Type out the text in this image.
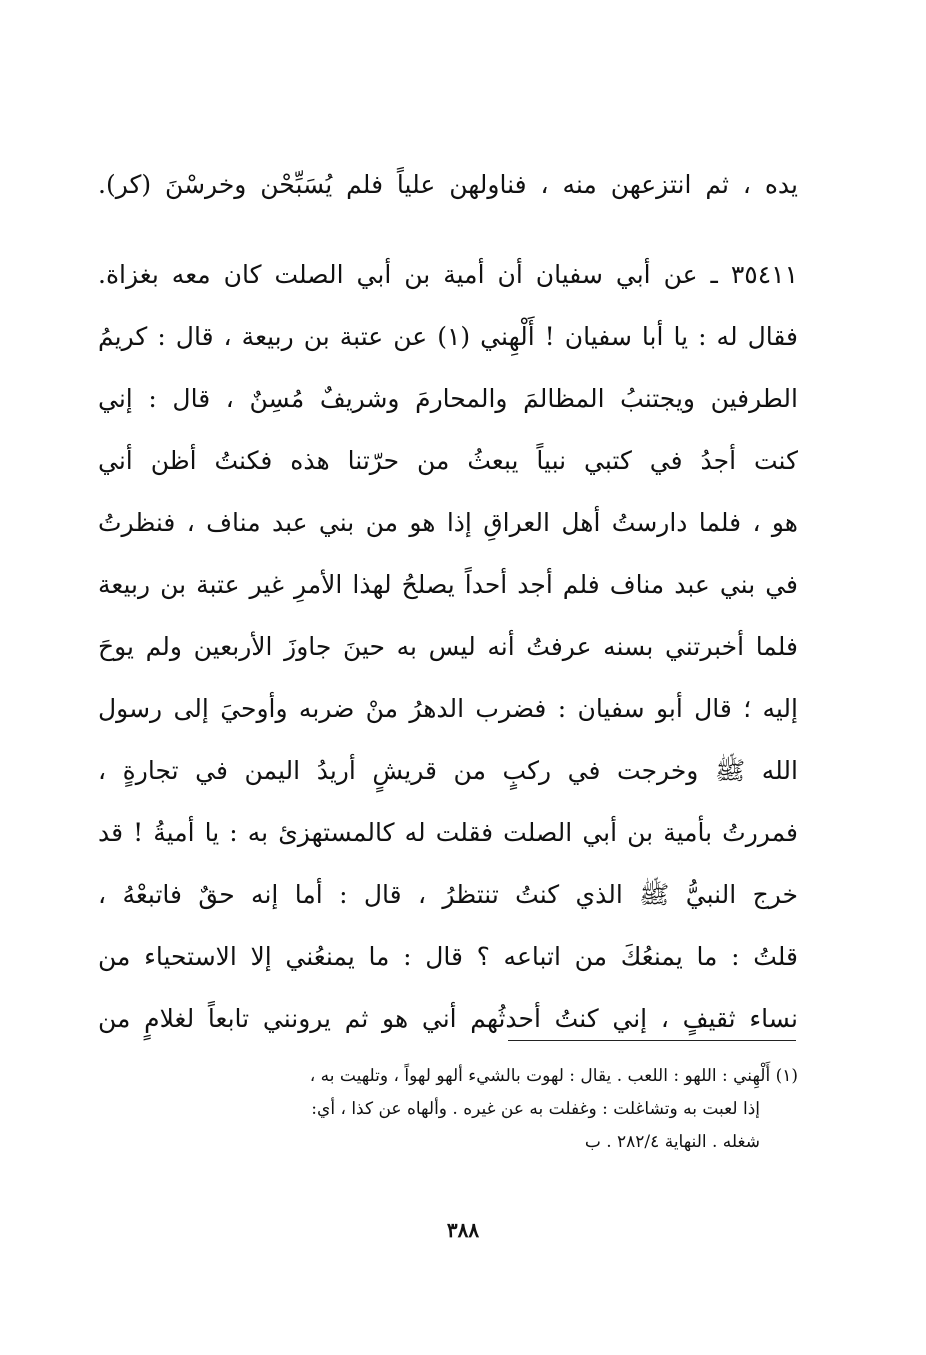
يده ، ثم انتزعهن منه ، فناولهن علياً فلم يُسَبِّحْن وخرسْنَ (كر).
٣٥٤١١ ـ عن أبي سفيان أن أمية بن أبي الصلت كان معه بغزاة.
فقال له : يا أبا سفيان ! أَلْهِني (١) عن عتبة بن ربيعة ، قال : كريمُ
الطرفين ويجتنبُ المظالمَ والمحارمَ وشريفٌ مُسِنٌ ، قال : إني
كنت أجدُ في كتبي نبياً يبعثُ من حرّتنا هذه فكنتُ أظن أني
هو ، فلما دارستُ أهل العراقِ إذا هو من بني عبد مناف ، فنظرتُ
في بني عبد مناف فلم أجد أحداً يصلحُ لهذا الأمرِ غير عتبة بن ربيعة
فلما أخبرتني بسنه عرفتُ أنه ليس به حينَ جاوزَ الأربعين ولم يوحَ
إليه ؛ قال أبو سفيان : فضرب الدهرُ منْ ضربه وأوحيَ إلى رسول
الله ﷺ وخرجت في ركبٍ من قريشٍ أريدُ اليمن في تجارةٍ ،
فمررتُ بأمية بن أبي الصلت فقلت له كالمستهزئ به : يا أميةُ ! قد
خرج النبيُّ ﷺ الذي كنتُ تنتظرُ ، قال : أما إنه حقٌ فاتبعْهُ ،
قلتُ : ما يمنعُكَ من اتباعه ؟ قال : ما يمنعُني إلا الاستحياء من
نساء ثقيفٍ ، إني كنتُ أحدثُهم أني هو ثم يرونني تابعاً لغلامٍ من
(١) أَلْهِني : اللهو : اللعب . يقال : لهوت بالشيء ألهو لهواً ، وتلهيت به ،
إذا لعبت به وتشاغلت : وغفلت به عن غيره . وألهاه عن كذا ، أي:
شغله . النهاية ٢٨٢/٤ . ب
٣٨٨
